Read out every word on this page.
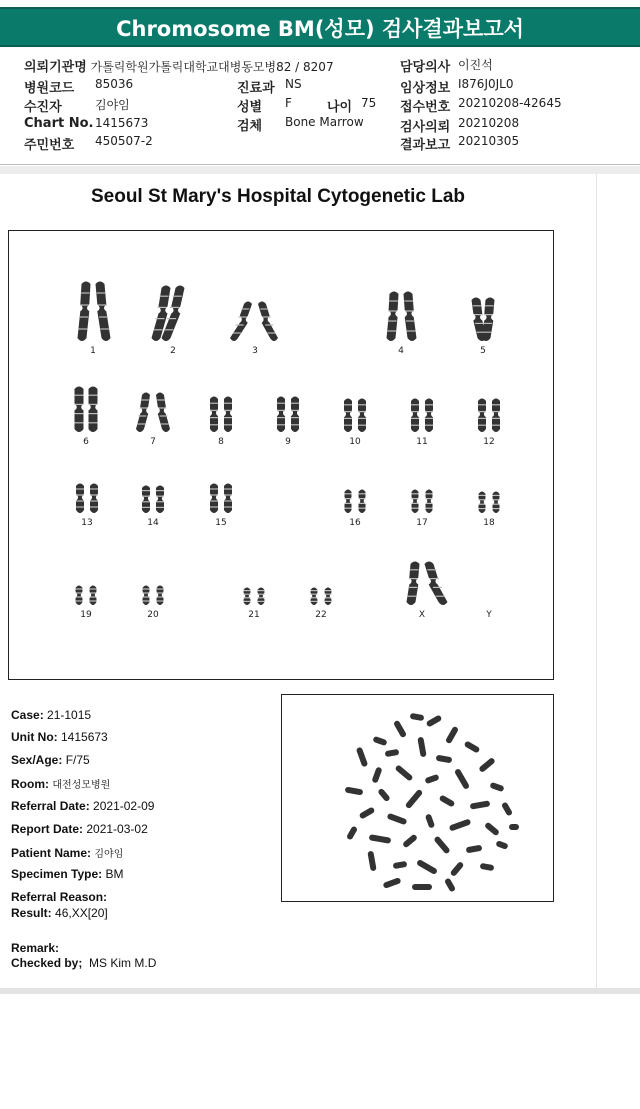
Chromosome BM(성모) 검사결과보고서
의뢰기관명 가톨릭학원가톨릭대학교대병동모병82 / 8207
병원코드 85036
수진자	김야임
Chart No. 1415673
주민번호 450507-2
진료과 NS
성별 F	나이 75
검체 Bone Marrow
담당의사 이진석
임상정보 I876J0JL0
접수번호 20210208-42645
검사의뢰 20210208
결과보고 20210305
Seoul St Mary's Hospital Cytogenetic Lab
1	2	3	4	5
6	7	8	9	10	11	12
13	14	15	16	17	18
19	20	21	22	X	Y
Case: 21-1015
Unit No: 1415673
Sex/Age: F/75
Room: 대전성모병원
Referral Date: 2021-02-09
Report Date: 2021-03-02
Patient Name: 김야임
Specimen Type: BM
Referral Reason:
Result: 46,XX[20]
Remark:
Checked by; MS Kim M.D
